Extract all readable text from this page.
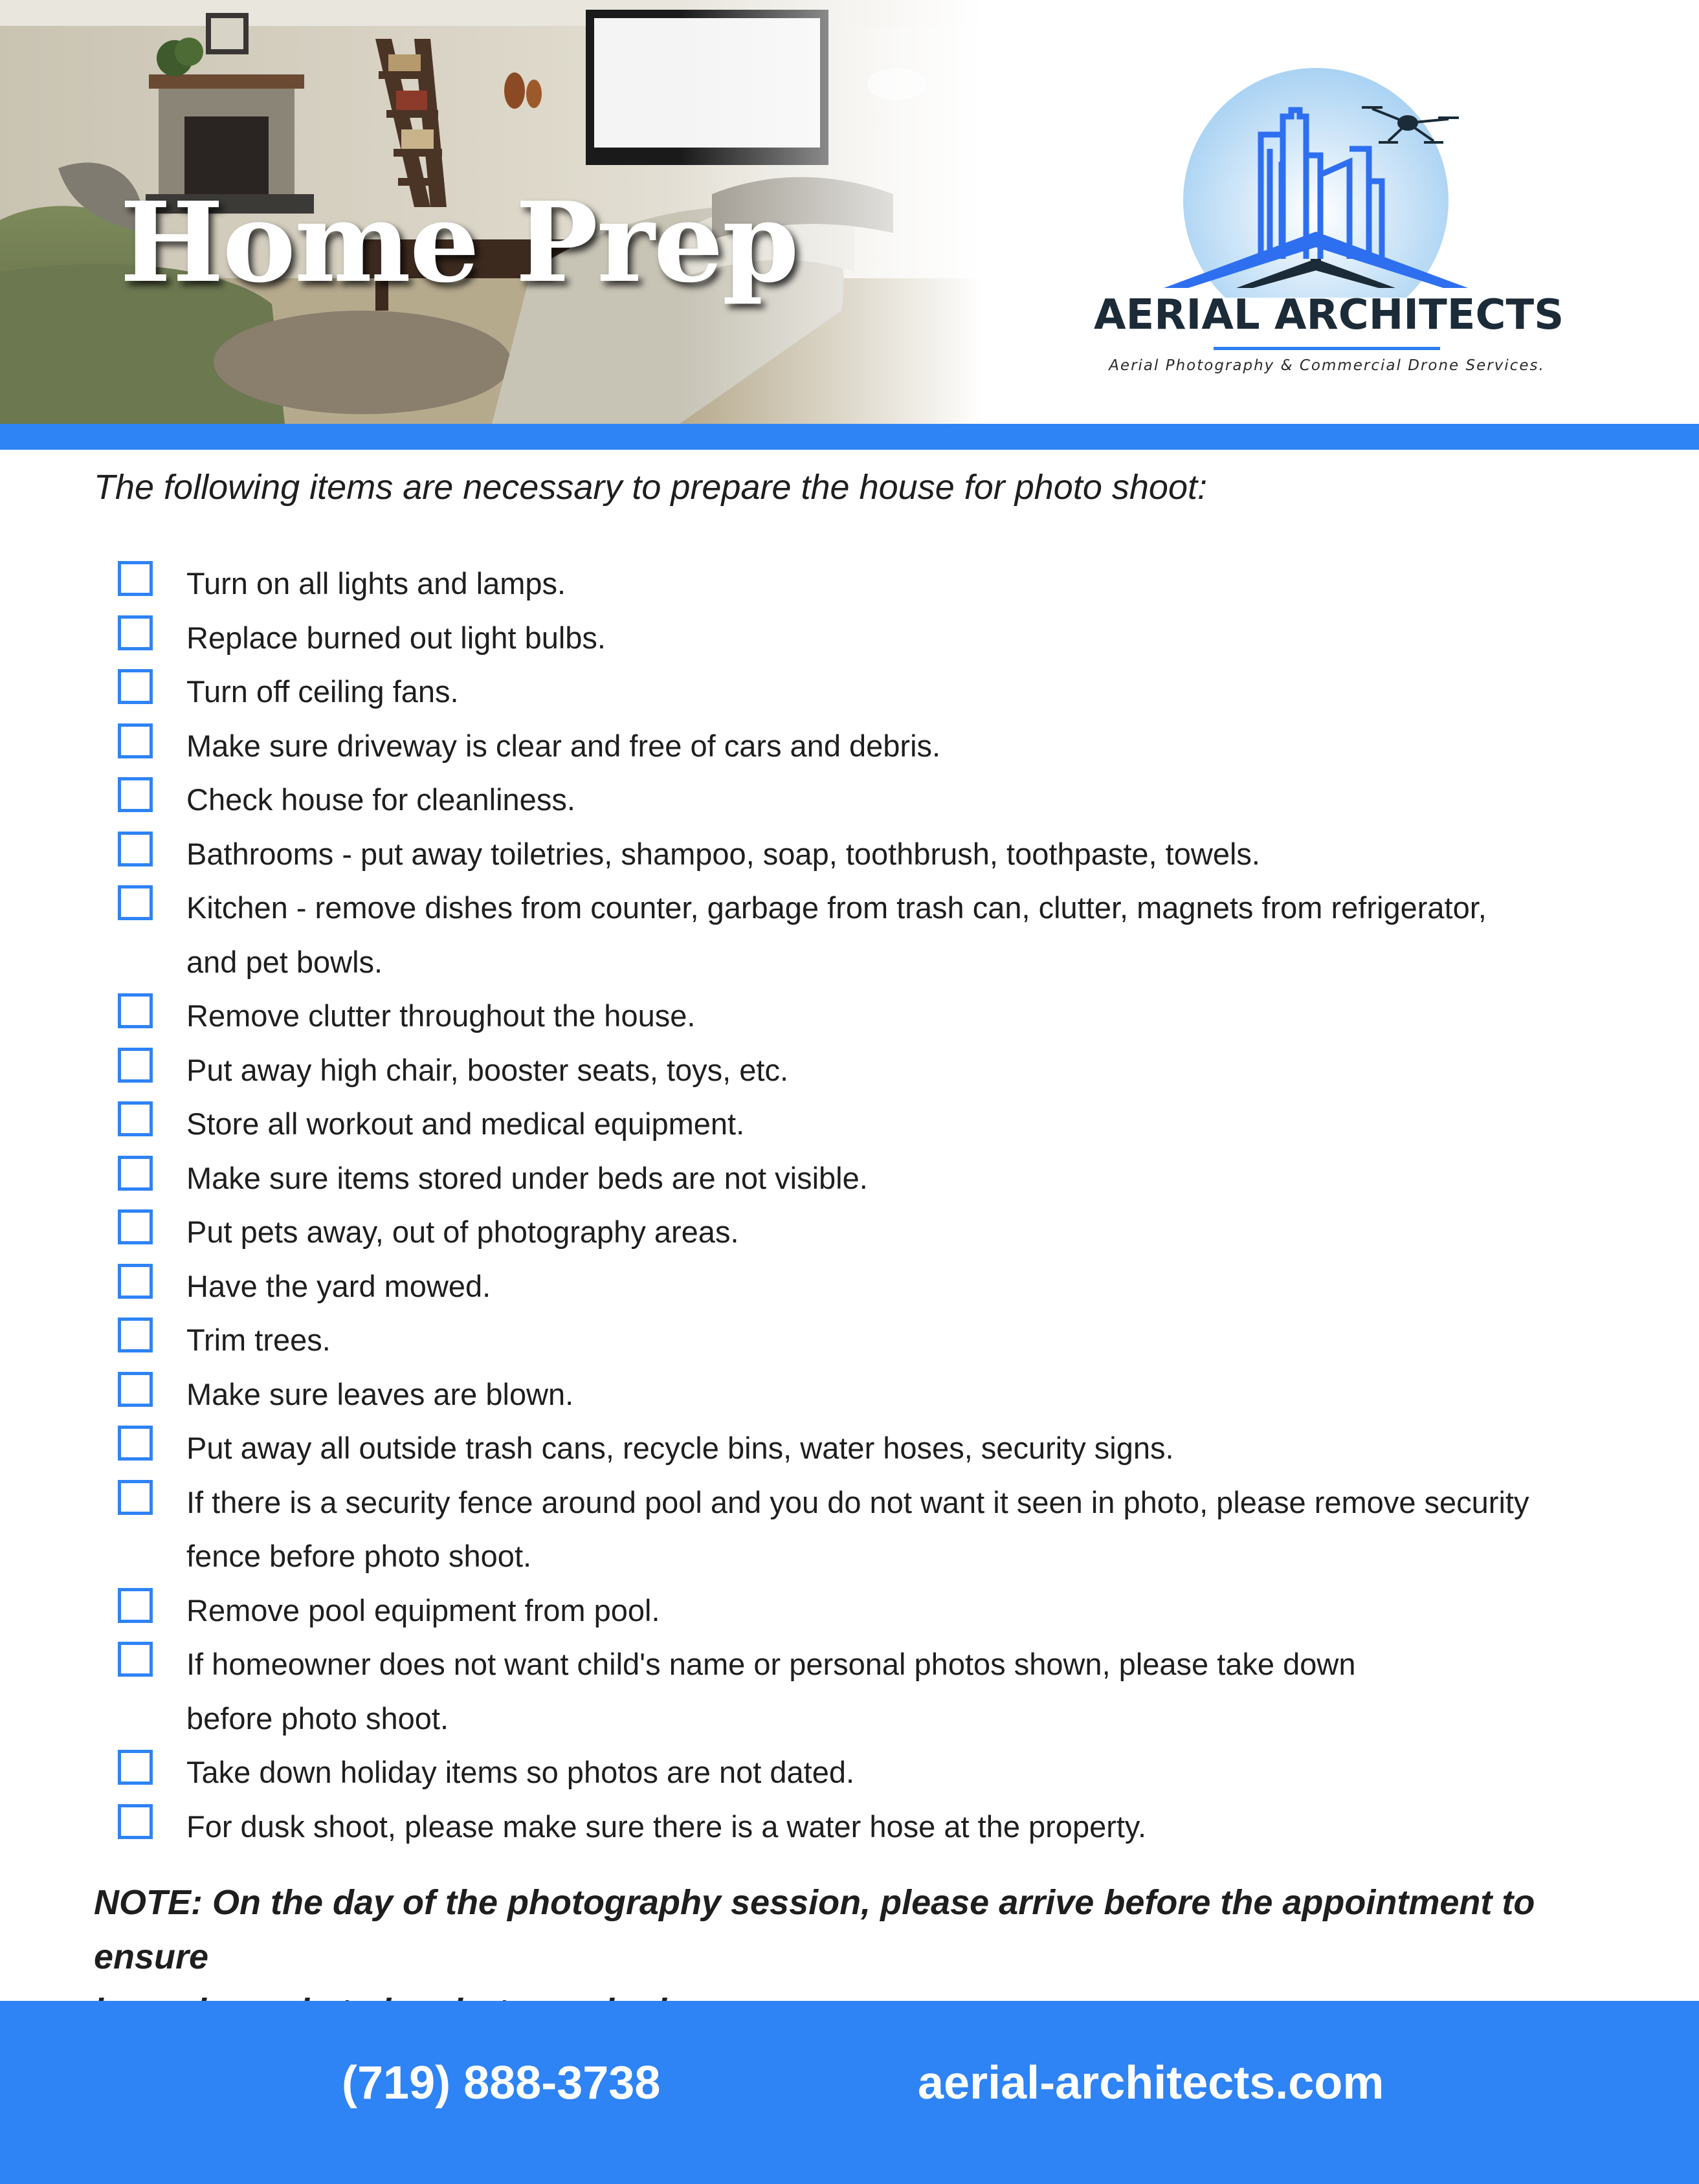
Home Prep
AERIAL ARCHITECTS
Aerial Photography & Commercial Drone Services.

The following items are necessary to prepare the house for photo shoot:

Turn on all lights and lamps.
Replace burned out light bulbs.
Turn off ceiling fans.
Make sure driveway is clear and free of cars and debris.
Check house for cleanliness.
Bathrooms - put away toiletries, shampoo, soap, toothbrush, toothpaste, towels.
Kitchen - remove dishes from counter, garbage from trash can, clutter, magnets from refrigerator,
and pet bowls.
Remove clutter throughout the house.
Put away high chair, booster seats, toys, etc.
Store all workout and medical equipment.
Make sure items stored under beds are not visible.
Put pets away, out of photography areas.
Have the yard mowed.
Trim trees.
Make sure leaves are blown.
Put away all outside trash cans, recycle bins, water hoses, security signs.
If there is a security fence around pool and you do not want it seen in photo, please remove security
fence before photo shoot.
Remove pool equipment from pool.
If homeowner does not want child's name or personal photos shown, please take down
before photo shoot.
Take down holiday items so photos are not dated.
For dusk shoot, please make sure there is a water hose at the property.
NOTE: On the day of the photography session, please arrive before the appointment to ensure
(719) 888-3738	aerial-architects.com
